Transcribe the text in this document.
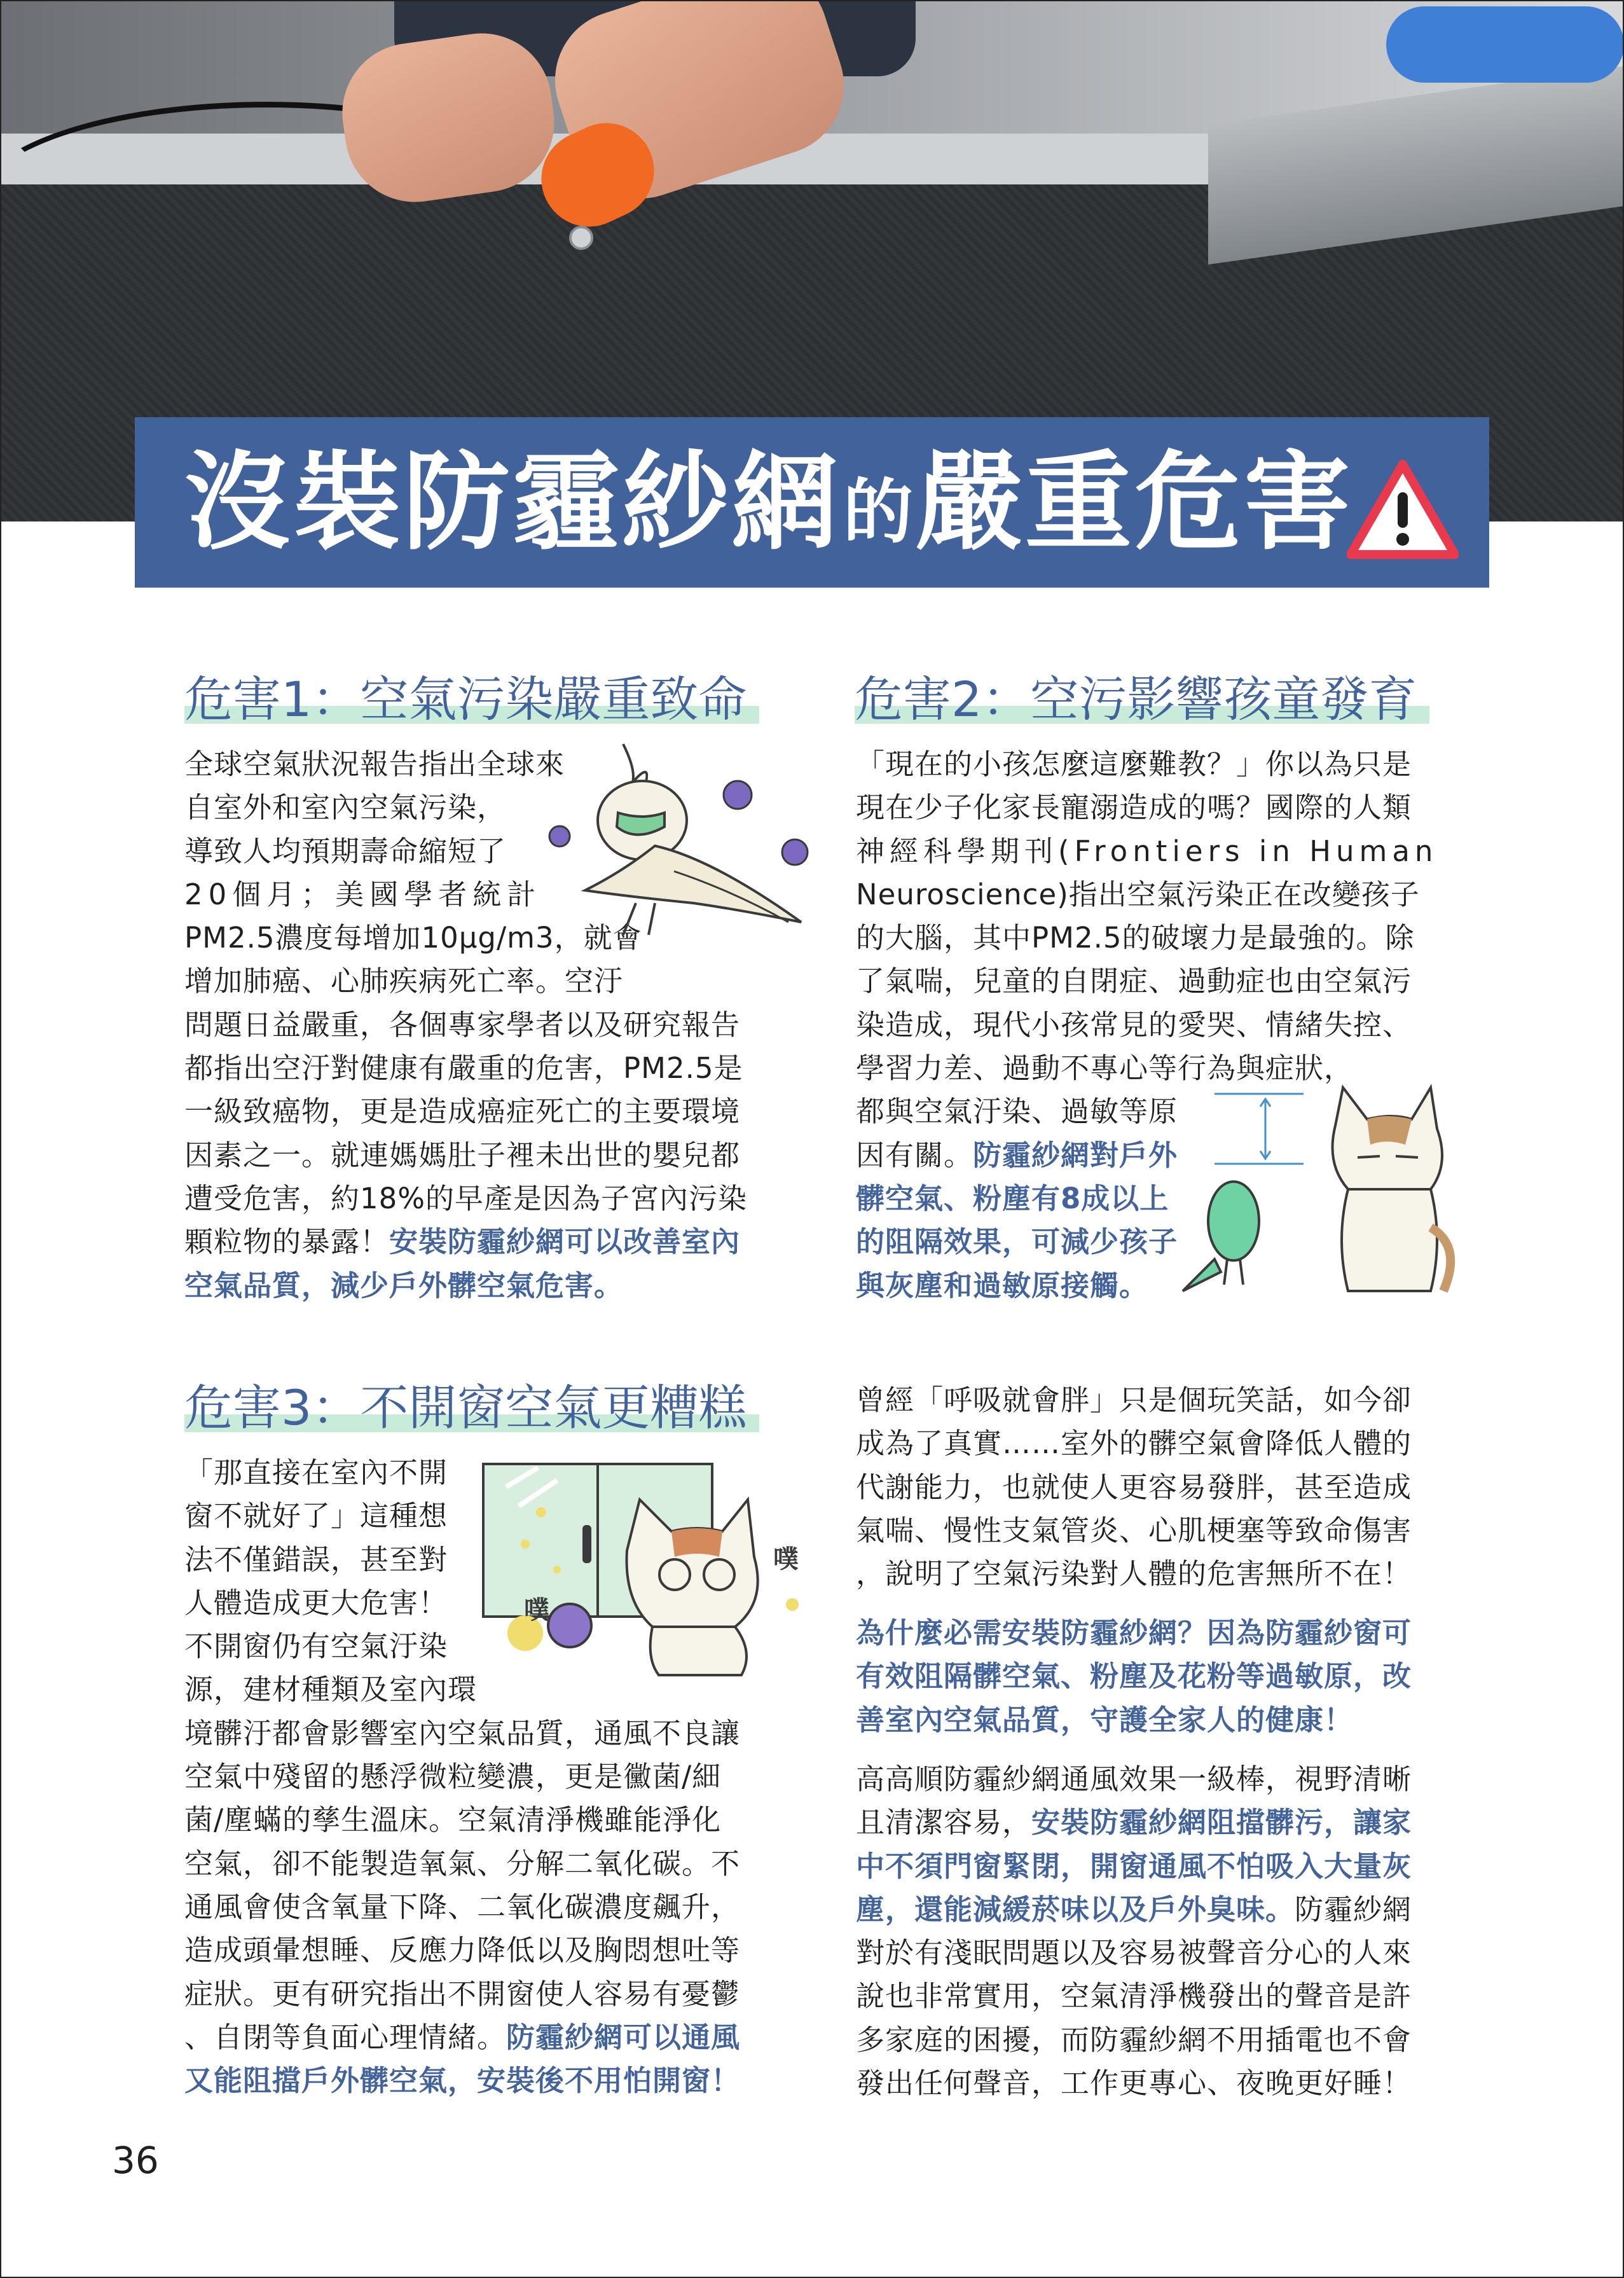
沒裝防霾紗網 的 嚴重危害
危害1：空氣污染嚴重致命
全球空氣狀況報告指出全球來
自室外和室內空氣污染，
導致人均預期壽命縮短了
20個月；美國學者統計
PM2.5濃度每增加10µg/m3，就會
增加肺癌、心肺疾病死亡率。空汙
問題日益嚴重，各個專家學者以及研究報告
都指出空汙對健康有嚴重的危害，PM2.5是
一級致癌物，更是造成癌症死亡的主要環境
因素之一。就連媽媽肚子裡未出世的嬰兒都
遭受危害，約18%的早產是因為子宮內污染
顆粒物的暴露！安裝防霾紗網可以改善室內
空氣品質，減少戶外髒空氣危害。
危害2：空污影響孩童發育
「現在的小孩怎麼這麼難教？」你以為只是
現在少子化家長寵溺造成的嗎？國際的人類
神經科學期刊(Frontiers in Human
Neuroscience)指出空氣污染正在改變孩子
的大腦，其中PM2.5的破壞力是最強的。除
了氣喘，兒童的自閉症、過動症也由空氣污
染造成，現代小孩常見的愛哭、情緒失控、
學習力差、過動不專心等行為與症狀，
都與空氣汙染、過敏等原
因有關。防霾紗網對戶外
髒空氣、粉塵有8成以上
的阻隔效果，可減少孩子
與灰塵和過敏原接觸。
危害3：不開窗空氣更糟糕
「那直接在室內不開
窗不就好了」這種想
法不僅錯誤，甚至對
人體造成更大危害！
不開窗仍有空氣汙染
源，建材種類及室內環
境髒汙都會影響室內空氣品質，通風不良讓
空氣中殘留的懸浮微粒變濃，更是黴菌/細
菌/塵蟎的孳生溫床。空氣清淨機雖能淨化
空氣，卻不能製造氧氣、分解二氧化碳。不
通風會使含氧量下降、二氧化碳濃度飆升，
造成頭暈想睡、反應力降低以及胸悶想吐等
症狀。更有研究指出不開窗使人容易有憂鬱
、自閉等負面心理情緒。防霾紗網可以通風
又能阻擋戶外髒空氣，安裝後不用怕開窗！
噗
噗
曾經「呼吸就會胖」只是個玩笑話，如今卻
成為了真實……室外的髒空氣會降低人體的
代謝能力，也就使人更容易發胖，甚至造成
氣喘、慢性支氣管炎、心肌梗塞等致命傷害
，說明了空氣污染對人體的危害無所不在！
為什麼必需安裝防霾紗網？因為防霾紗窗可
有效阻隔髒空氣、粉塵及花粉等過敏原，改
善室內空氣品質，守護全家人的健康！
高高順防霾紗網通風效果一級棒，視野清晰
且清潔容易，安裝防霾紗網阻擋髒污，讓家
中不須門窗緊閉，開窗通風不怕吸入大量灰
塵，還能減緩菸味以及戶外臭味。防霾紗網
對於有淺眠問題以及容易被聲音分心的人來
說也非常實用，空氣清淨機發出的聲音是許
多家庭的困擾，而防霾紗網不用插電也不會
發出任何聲音，工作更專心、夜晚更好睡！
36
